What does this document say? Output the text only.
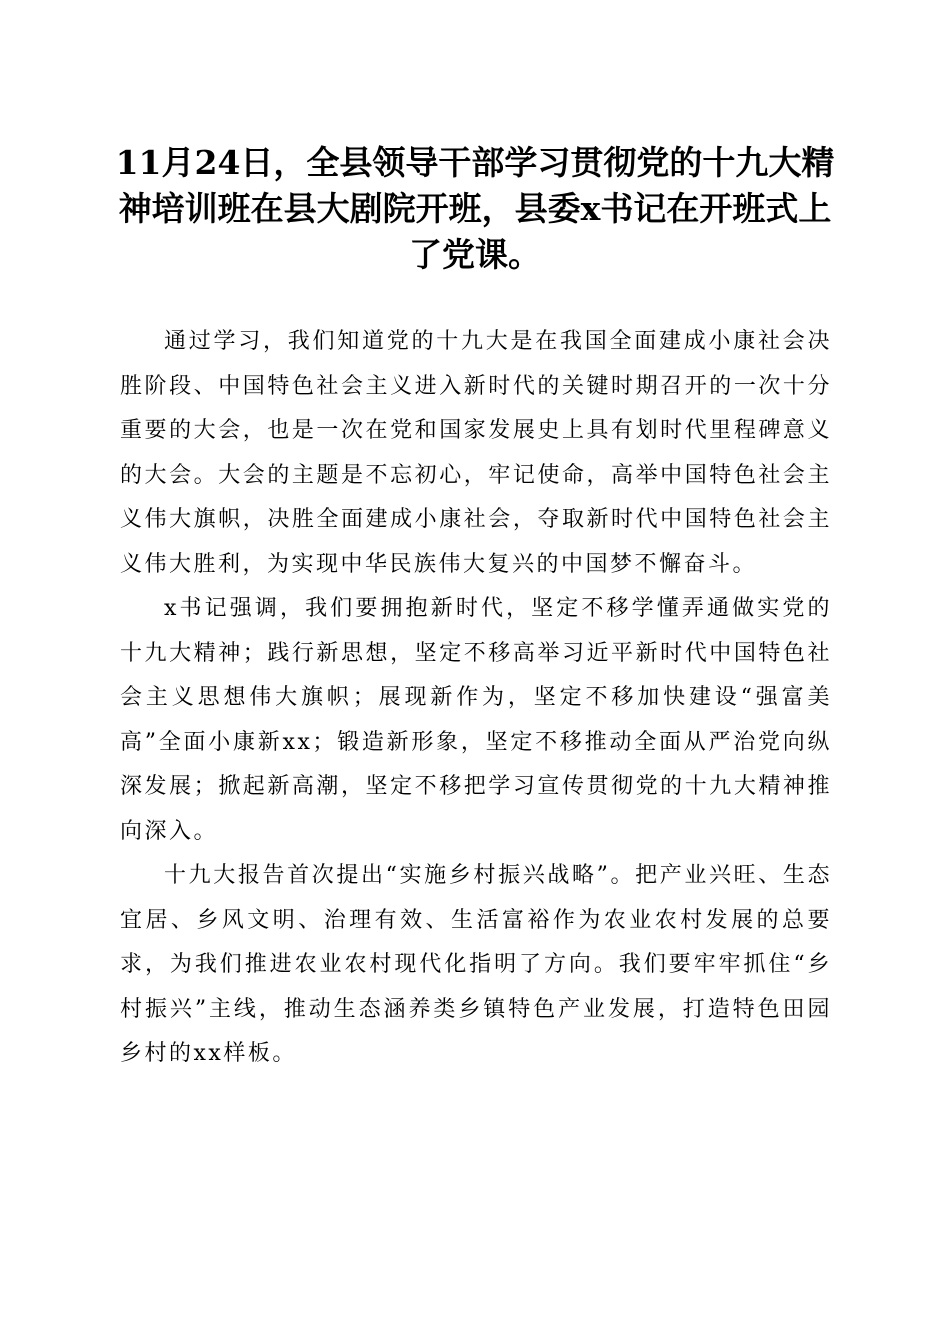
11月24日，全县领导干部学习贯彻党的十九大精神培训班在县大剧院开班，县委x书记在开班式上了党课。

通过学习，我们知道党的十九大是在我国全面建成小康社会决胜阶段、中国特色社会主义进入新时代的关键时期召开的一次十分重要的大会，也是一次在党和国家发展史上具有划时代里程碑意义的大会。大会的主题是不忘初心，牢记使命，高举中国特色社会主义伟大旗帜，决胜全面建成小康社会，夺取新时代中国特色社会主义伟大胜利，为实现中华民族伟大复兴的中国梦不懈奋斗。

x书记强调，我们要拥抱新时代，坚定不移学懂弄通做实党的十九大精神；践行新思想，坚定不移高举习近平新时代中国特色社会主义思想伟大旗帜；展现新作为，坚定不移加快建设“强富美高”全面小康新xx；锻造新形象，坚定不移推动全面从严治党向纵深发展；掀起新高潮，坚定不移把学习宣传贯彻党的十九大精神推向深入。

十九大报告首次提出“实施乡村振兴战略”。把产业兴旺、生态宜居、乡风文明、治理有效、生活富裕作为农业农村发展的总要求，为我们推进农业农村现代化指明了方向。我们要牢牢抓住“乡村振兴”主线，推动生态涵养类乡镇特色产业发展，打造特色田园乡村的xx样板。
